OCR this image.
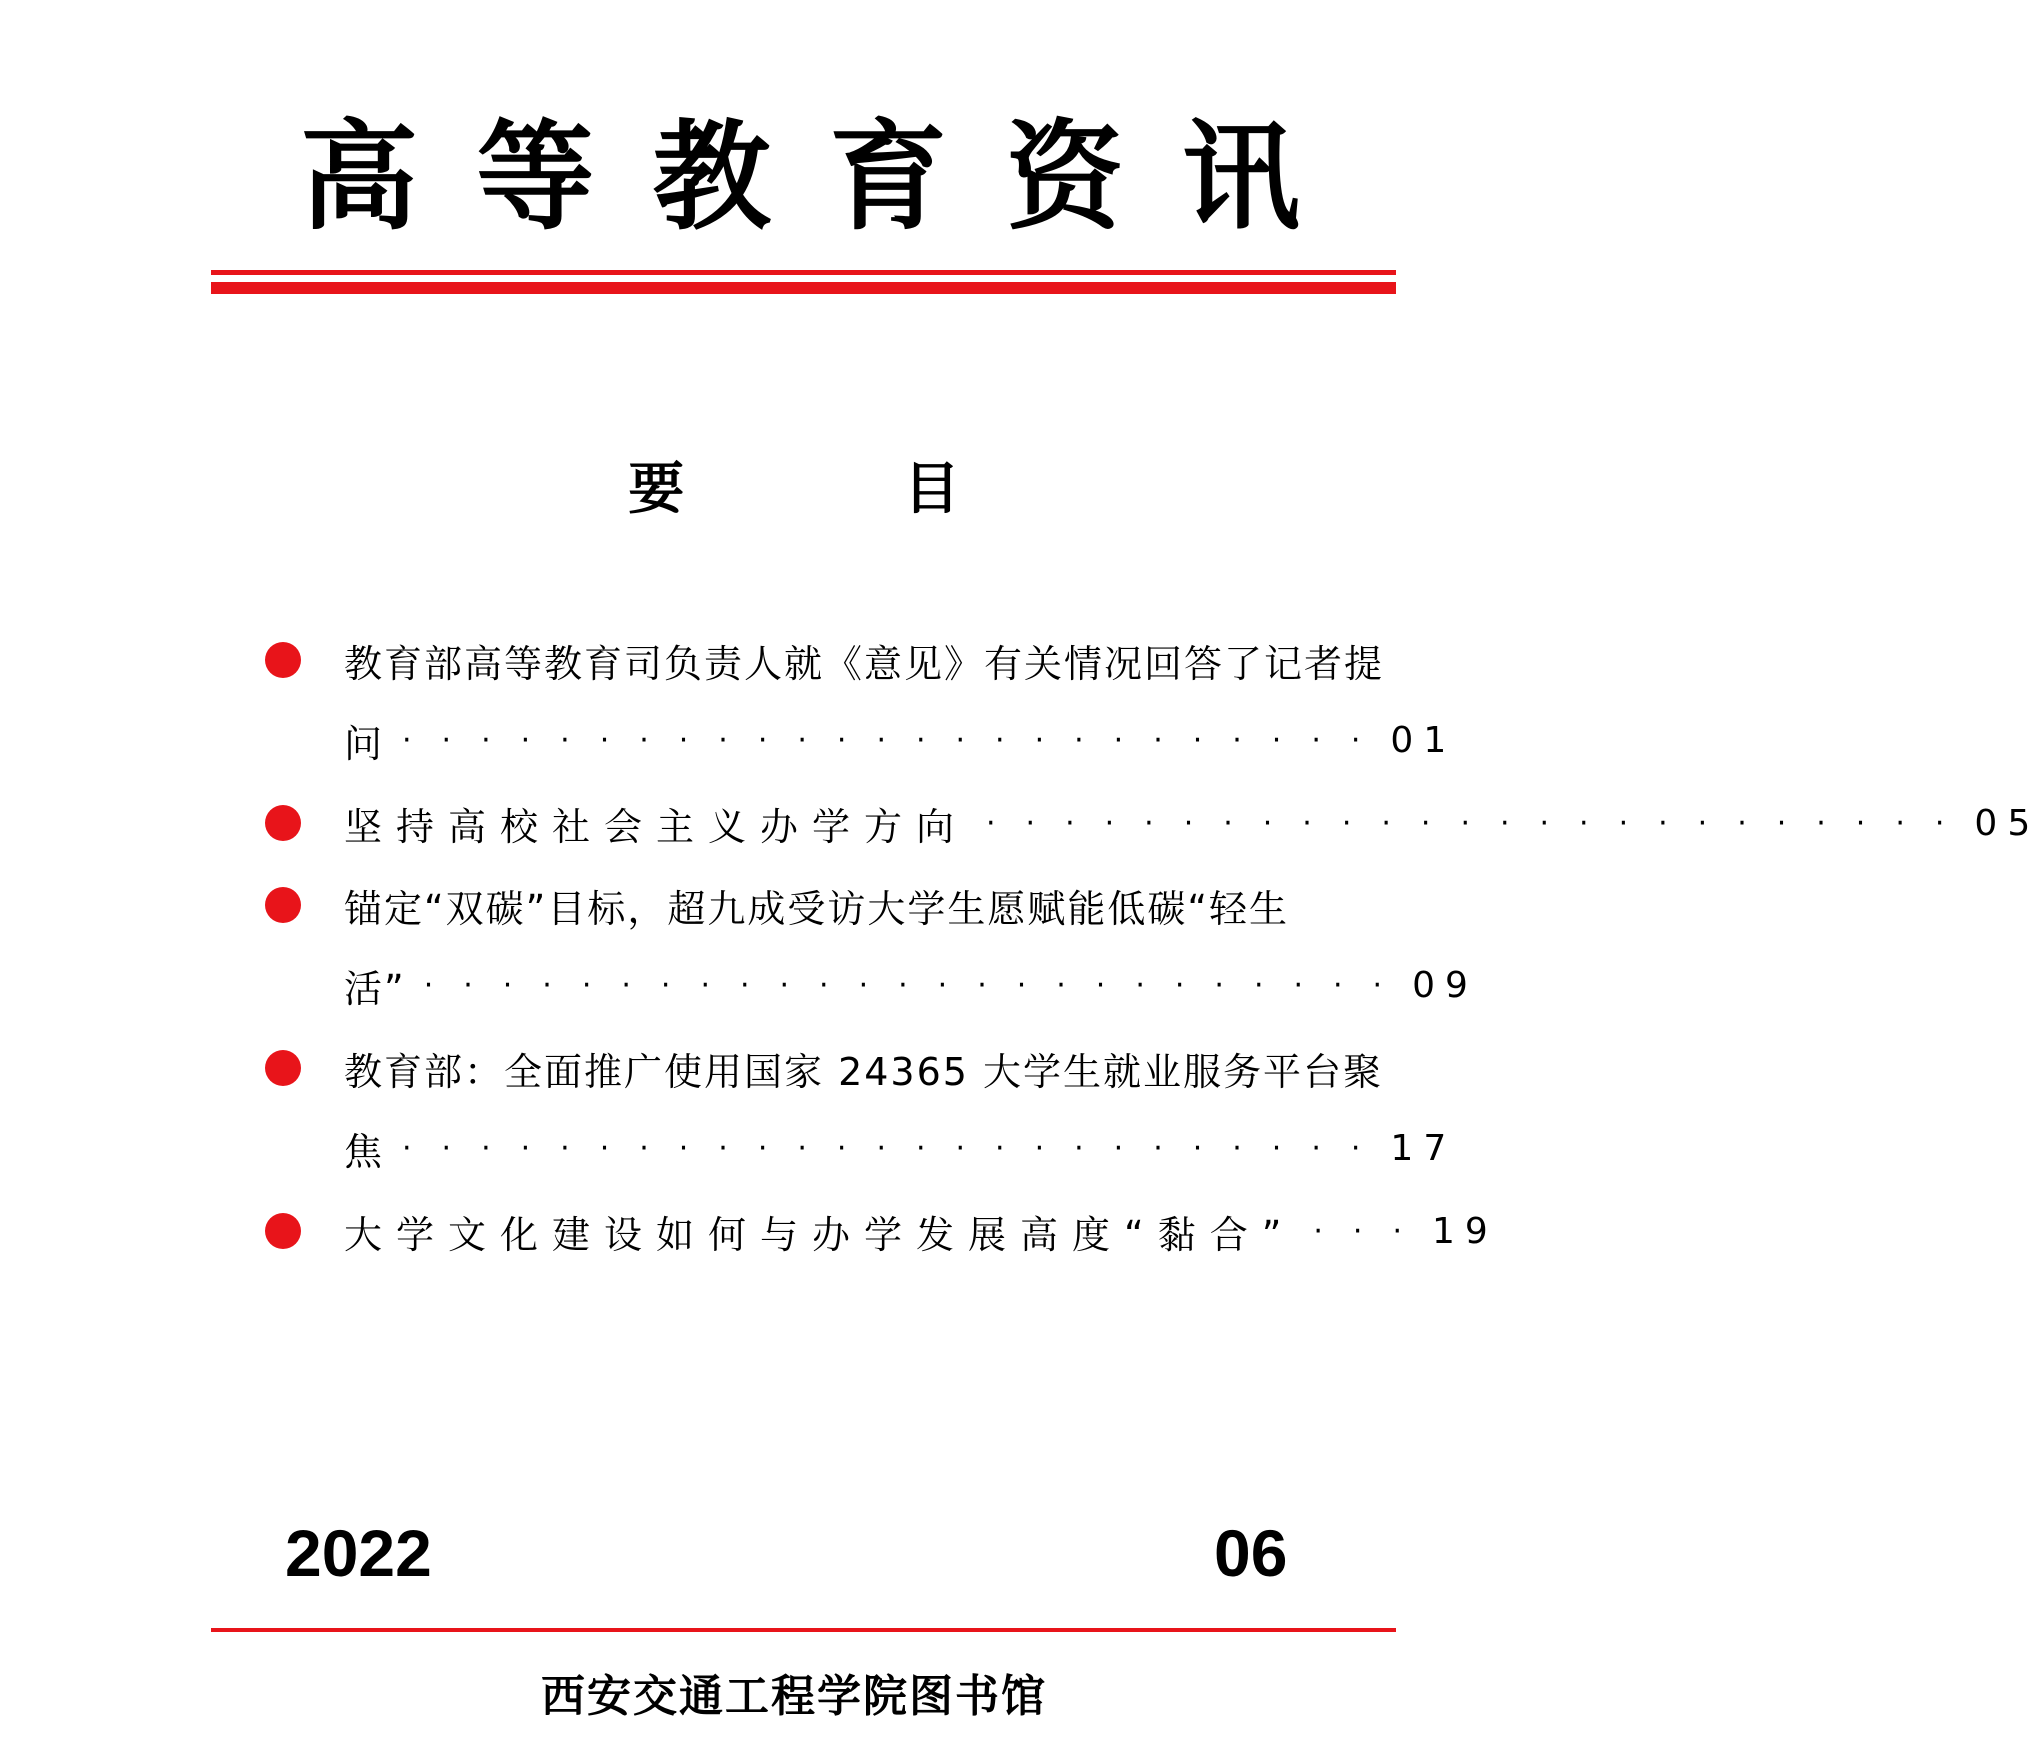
高 等 教 育 资 讯
要 目
教育部高等教育司负责人就《意见》有关情况回答了记者提
问 ························· 01
坚持高校社会主义办学方向 ························· 05
锚定“双碳”目标，超九成受访大学生愿赋能低碳“轻生
活” ························· 09
教育部：全面推广使用国家 24365 大学生就业服务平台聚
焦 ························· 17
大学文化建设如何与办学发展高度“黏合” ··· 19
2022	06
西安交通工程学院图书馆
